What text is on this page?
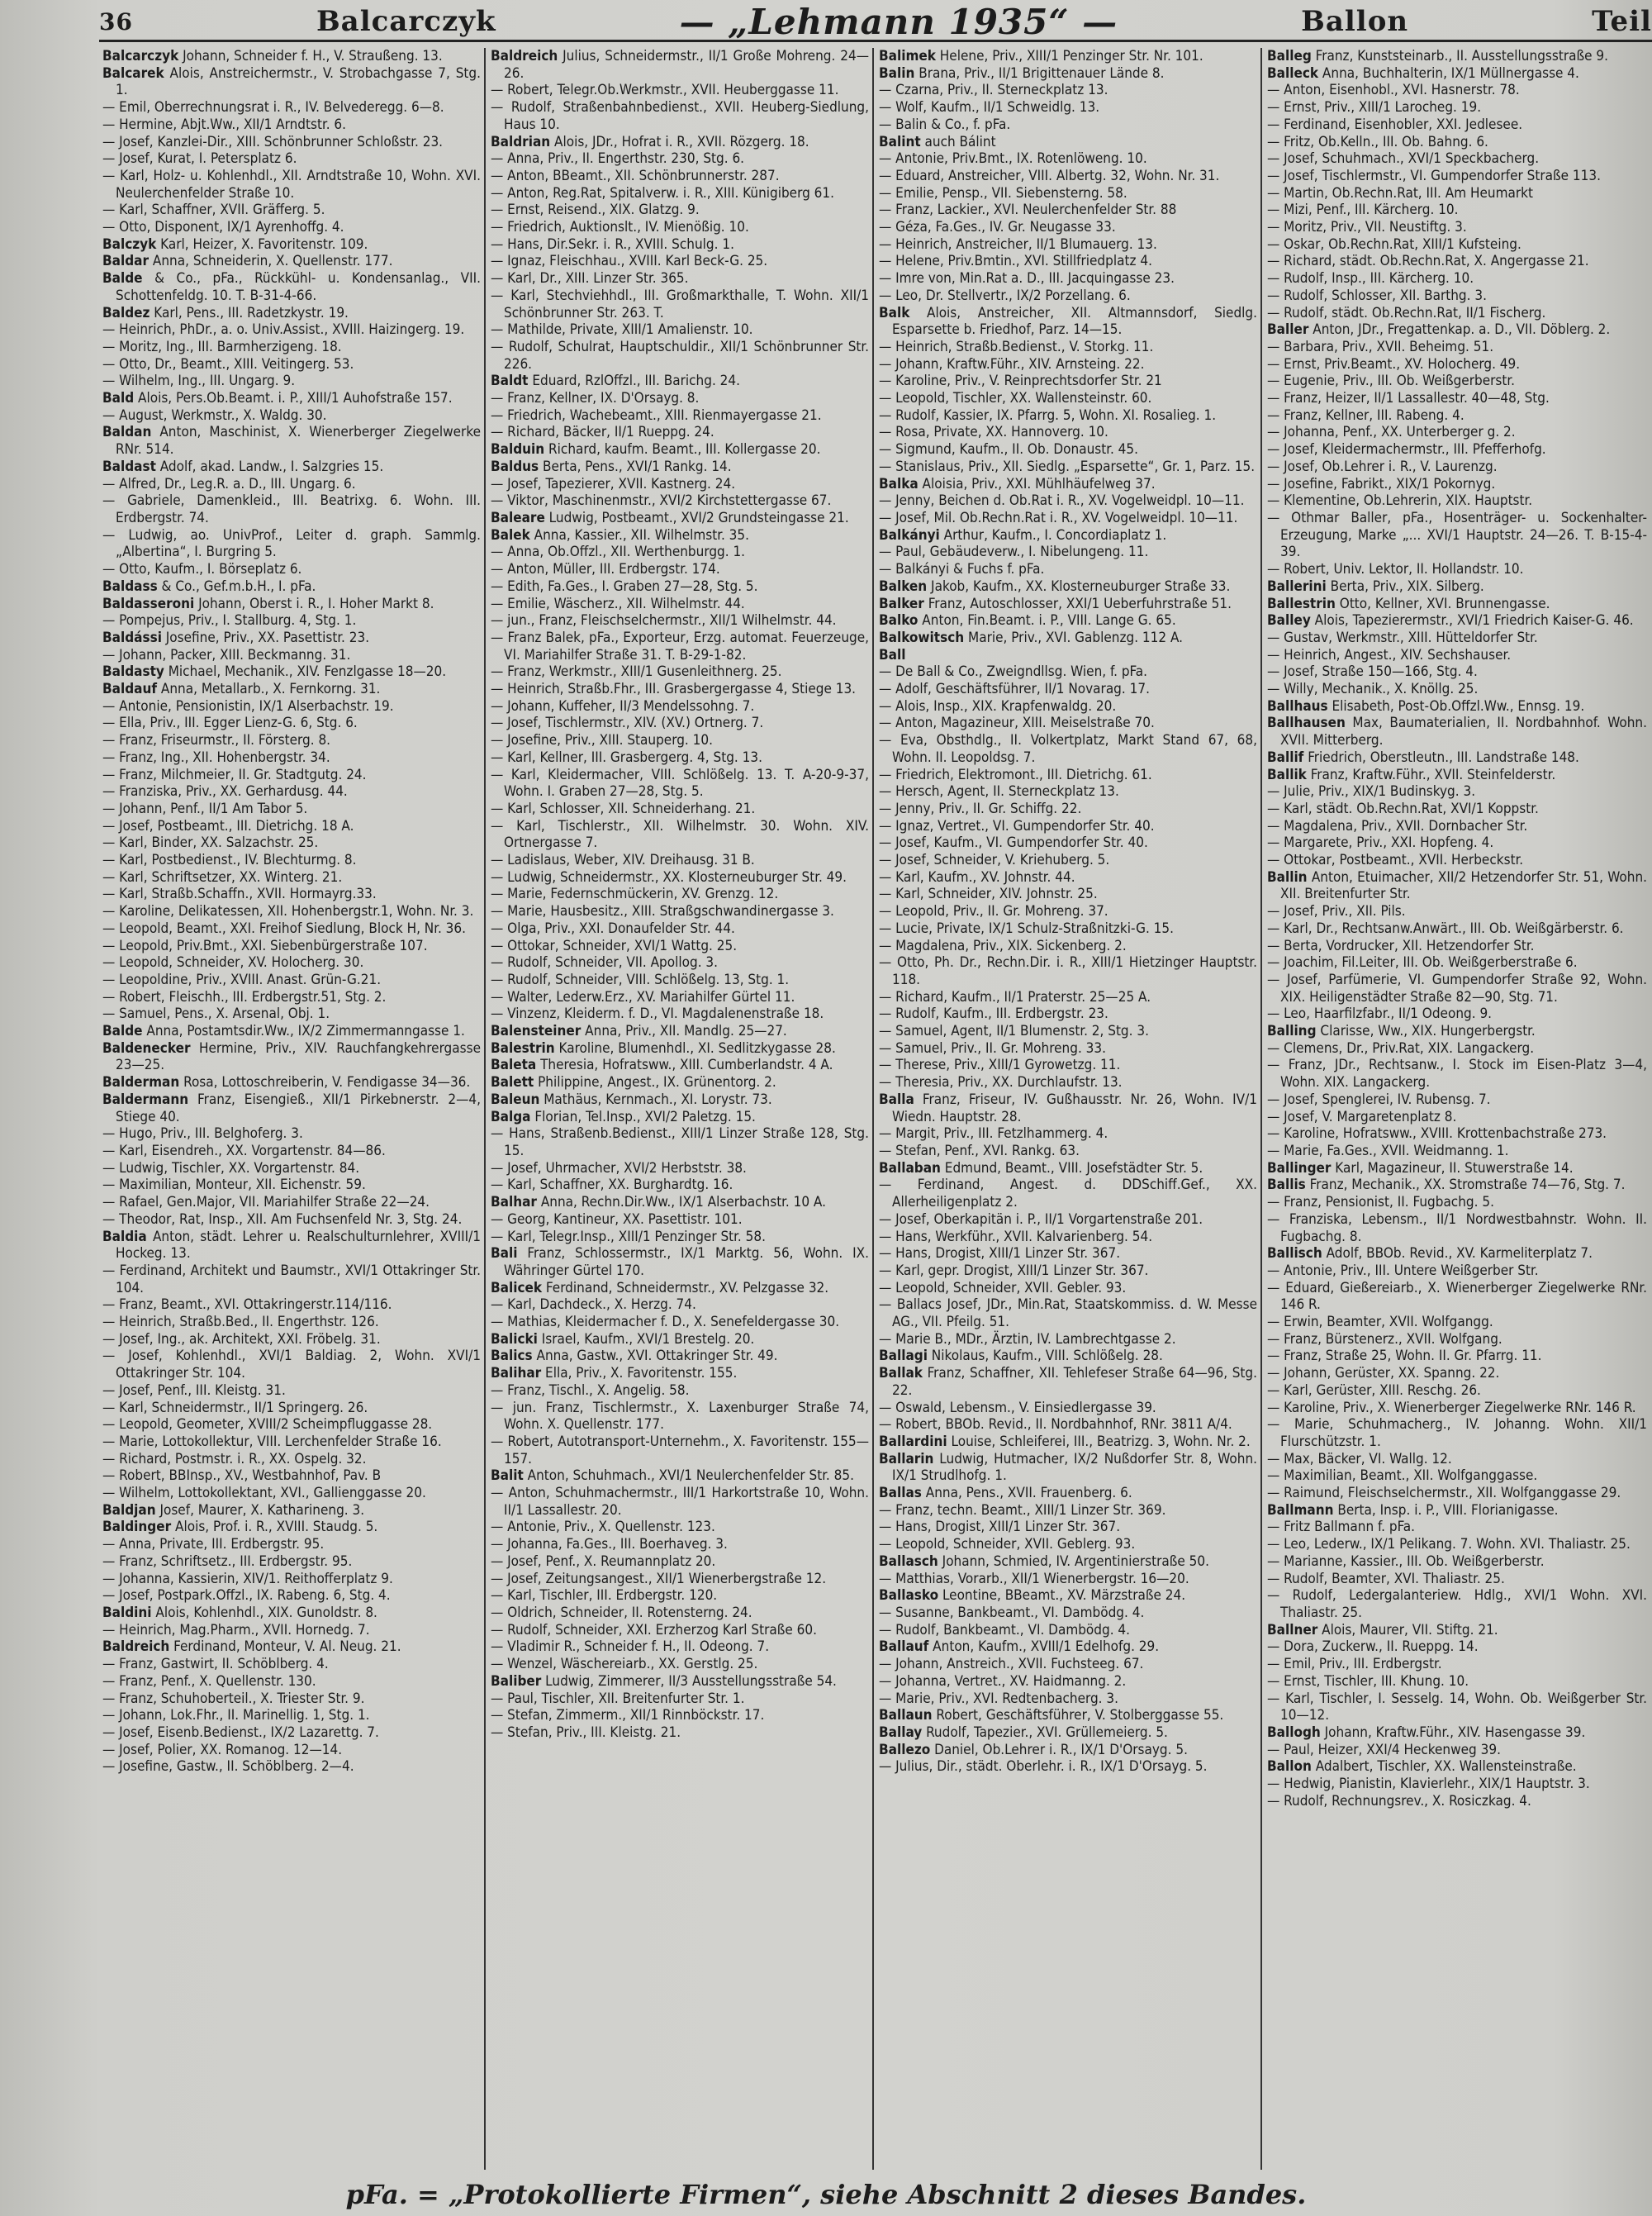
36	Balcarczyk	— „Lehmann 1935“ —	Ballon	Teil
Balcarczyk Johann, Schneider f. H., V. Straußeng. 13.
Balcarek Alois, Anstreichermstr., V. Strobachgasse 7, Stg. 1.
— Emil, Oberrechnungsrat i. R., IV. Belvederegg. 6—8.
— Hermine, Abjt.Ww., XII/1 Arndtstr. 6.
— Josef, Kanzlei-Dir., XIII. Schönbrunner Schloßstr. 23.
— Josef, Kurat, I. Petersplatz 6.
— Karl, Holz- u. Kohlenhdl., XII. Arndtstraße 10, Wohn. XVI. Neulerchenfelder Straße 10.
— Karl, Schaffner, XVII. Gräfferg. 5.
— Otto, Disponent, IX/1 Ayrenhoffg. 4.
Balczyk Karl, Heizer, X. Favoritenstr. 109.
Baldar Anna, Schneiderin, X. Quellenstr. 177.
Balde & Co., pFa., Rückkühl- u. Kondensanlag., VII. Schottenfeldg. 10. T. B-31-4-66.
Baldez Karl, Pens., III. Radetzkystr. 19.
— Heinrich, PhDr., a. o. Univ.Assist., XVIII. Haizingerg. 19.
— Moritz, Ing., III. Barmherzigeng. 18.
— Otto, Dr., Beamt., XIII. Veitingerg. 53.
— Wilhelm, Ing., III. Ungarg. 9.
Bald Alois, Pers.Ob.Beamt. i. P., XIII/1 Auhofstraße 157.
— August, Werkmstr., X. Waldg. 30.
Baldan Anton, Maschinist, X. Wienerberger Ziegelwerke RNr. 514.
Baldast Adolf, akad. Landw., I. Salzgries 15.
— Alfred, Dr., Leg.R. a. D., III. Ungarg. 6.
— Gabriele, Damenkleid., III. Beatrixg. 6. Wohn. III. Erdbergstr. 74.
— Ludwig, ao. UnivProf., Leiter d. graph. Sammlg. „Albertina“, I. Burgring 5.
— Otto, Kaufm., I. Börseplatz 6.
Baldass & Co., Gef.m.b.H., I. pFa.
Baldasseroni Johann, Oberst i. R., I. Hoher Markt 8.
— Pompejus, Priv., I. Stallburg. 4, Stg. 1.
Baldássi Josefine, Priv., XX. Pasettistr. 23.
— Johann, Packer, XIII. Beckmanng. 31.
Baldasty Michael, Mechanik., XIV. Fenzlgasse 18—20.
Baldauf Anna, Metallarb., X. Fernkorng. 31.
— Antonie, Pensionistin, IX/1 Alserbachstr. 19.
— Ella, Priv., III. Egger Lienz-G. 6, Stg. 6.
— Franz, Friseurmstr., II. Försterg. 8.
— Franz, Ing., XII. Hohenbergstr. 34.
— Franz, Milchmeier, II. Gr. Stadtgutg. 24.
— Franziska, Priv., XX. Gerhardusg. 44.
— Johann, Penf., II/1 Am Tabor 5.
— Josef, Postbeamt., III. Dietrichg. 18 A.
— Karl, Binder, XX. Salzachstr. 25.
— Karl, Postbedienst., IV. Blechturmg. 8.
— Karl, Schriftsetzer, XX. Winterg. 21.
— Karl, Straßb.Schaffn., XVII. Hormayrg.33.
— Karoline, Delikatessen, XII. Hohenbergstr.1, Wohn. Nr. 3.
— Leopold, Beamt., XXI. Freihof Siedlung, Block H, Nr. 36.
— Leopold, Priv.Bmt., XXI. Siebenbürgerstraße 107.
— Leopold, Schneider, XV. Holocherg. 30.
— Leopoldine, Priv., XVIII. Anast. Grün-G.21.
— Robert, Fleischh., III. Erdbergstr.51, Stg. 2.
— Samuel, Pens., X. Arsenal, Obj. 1.
Balde Anna, Postamtsdir.Ww., IX/2 Zimmermanngasse 1.
Baldenecker Hermine, Priv., XIV. Rauchfangkehrergasse 23—25.
Balderman Rosa, Lottoschreiberin, V. Fendigasse 34—36.
Baldermann Franz, Eisengieß., XII/1 Pirkebnerstr. 2—4, Stiege 40.
— Hugo, Priv., III. Belghoferg. 3.
— Karl, Eisendreh., XX. Vorgartenstr. 84—86.
— Ludwig, Tischler, XX. Vorgartenstr. 84.
— Maximilian, Monteur, XII. Eichenstr. 59.
— Rafael, Gen.Major, VII. Mariahilfer Straße 22—24.
— Theodor, Rat, Insp., XII. Am Fuchsenfeld Nr. 3, Stg. 24.
Baldia Anton, städt. Lehrer u. Realschulturnlehrer, XVIII/1 Hockeg. 13.
— Ferdinand, Architekt und Baumstr., XVI/1 Ottakringer Str. 104.
— Franz, Beamt., XVI. Ottakringerstr.114/116.
— Heinrich, Straßb.Bed., II. Engerthstr. 126.
— Josef, Ing., ak. Architekt, XXI. Fröbelg. 31.
— Josef, Kohlenhdl., XVI/1 Baldiag. 2, Wohn. XVI/1 Ottakringer Str. 104.
— Josef, Penf., III. Kleistg. 31.
— Karl, Schneidermstr., II/1 Springerg. 26.
— Leopold, Geometer, XVIII/2 Scheimpfluggasse 28.
— Marie, Lottokollektur, VIII. Lerchenfelder Straße 16.
— Richard, Postmstr. i. R., XX. Ospelg. 32.
— Robert, BBInsp., XV., Westbahnhof, Pav. B
— Wilhelm, Lottokollektant, XVI., Gallienggasse 20.
Baldjan Josef, Maurer, X. Katharineng. 3.
Baldinger Alois, Prof. i. R., XVIII. Staudg. 5.
— Anna, Private, III. Erdbergstr. 95.
— Franz, Schriftsetz., III. Erdbergstr. 95.
— Johanna, Kassierin, XIV/1. Reithofferplatz 9.
— Josef, Postpark.Offzl., IX. Rabeng. 6, Stg. 4.
Baldini Alois, Kohlenhdl., XIX. Gunoldstr. 8.
— Heinrich, Mag.Pharm., XVII. Hornedg. 7.
Baldreich Ferdinand, Monteur, V. Al. Neug. 21.
— Franz, Gastwirt, II. Schöblberg. 4.
— Franz, Penf., X. Quellenstr. 130.
— Franz, Schuhoberteil., X. Triester Str. 9.
— Johann, Lok.Fhr., II. Marinellig. 1, Stg. 1.
— Josef, Eisenb.Bedienst., IX/2 Lazarettg. 7.
— Josef, Polier, XX. Romanog. 12—14.
— Josefine, Gastw., II. Schöblberg. 2—4.
Baldreich Julius, Schneidermstr., II/1 Große Mohreng. 24—26.
— Robert, Telegr.Ob.Werkmstr., XVII. Heuberggasse 11.
— Rudolf, Straßenbahnbedienst., XVII. Heuberg-Siedlung, Haus 10.
Baldrian Alois, JDr., Hofrat i. R., XVII. Rözgerg. 18.
— Anna, Priv., II. Engerthstr. 230, Stg. 6.
— Anton, BBeamt., XII. Schönbrunnerstr. 287.
— Anton, Reg.Rat, Spitalverw. i. R., XIII. Künigiberg 61.
— Ernst, Reisend., XIX. Glatzg. 9.
— Friedrich, Auktionslt., IV. Mienößig. 10.
— Hans, Dir.Sekr. i. R., XVIII. Schulg. 1.
— Ignaz, Fleischhau., XVIII. Karl Beck-G. 25.
— Karl, Dr., XIII. Linzer Str. 365.
— Karl, Stechviehhdl., III. Großmarkthalle, T. Wohn. XII/1 Schönbrunner Str. 263. T.
— Mathilde, Private, XIII/1 Amalienstr. 10.
— Rudolf, Schulrat, Hauptschuldir., XII/1 Schönbrunner Str. 226.
Baldt Eduard, RzlOffzl., III. Barichg. 24.
— Franz, Kellner, IX. D'Orsayg. 8.
— Friedrich, Wachebeamt., XIII. Rienmayergasse 21.
— Richard, Bäcker, II/1 Rueppg. 24.
Balduin Richard, kaufm. Beamt., III. Kollergasse 20.
Baldus Berta, Pens., XVI/1 Rankg. 14.
— Josef, Tapezierer, XVII. Kastnerg. 24.
— Viktor, Maschinenmstr., XVI/2 Kirchstettergasse 67.
Baleare Ludwig, Postbeamt., XVI/2 Grundsteingasse 21.
Balek Anna, Kassier., XII. Wilhelmstr. 35.
— Anna, Ob.Offzl., XII. Werthenburgg. 1.
— Anton, Müller, III. Erdbergstr. 174.
— Edith, Fa.Ges., I. Graben 27—28, Stg. 5.
— Emilie, Wäscherz., XII. Wilhelmstr. 44.
— jun., Franz, Fleischselchermstr., XII/1 Wilhelmstr. 44.
— Franz Balek, pFa., Exporteur, Erzg. automat. Feuerzeuge, VI. Mariahilfer Straße 31. T. B-29-1-82.
— Franz, Werkmstr., XIII/1 Gusenleithnerg. 25.
— Heinrich, Straßb.Fhr., III. Grasbergergasse 4, Stiege 13.
— Johann, Kuffeher, II/3 Mendelssohng. 7.
— Josef, Tischlermstr., XIV. (XV.) Ortnerg. 7.
— Josefine, Priv., XIII. Stauperg. 10.
— Karl, Kellner, III. Grasbergerg. 4, Stg. 13.
— Karl, Kleidermacher, VIII. Schlößelg. 13. T. A-20-9-37, Wohn. I. Graben 27—28, Stg. 5.
— Karl, Schlosser, XII. Schneiderhang. 21.
— Karl, Tischlerstr., XII. Wilhelmstr. 30. Wohn. XIV. Ortnergasse 7.
— Ladislaus, Weber, XIV. Dreihausg. 31 B.
— Ludwig, Schneidermstr., XX. Klosterneuburger Str. 49.
— Marie, Federnschmückerin, XV. Grenzg. 12.
— Marie, Hausbesitz., XIII. Straßgschwandinergasse 3.
— Olga, Priv., XXI. Donaufelder Str. 44.
— Ottokar, Schneider, XVI/1 Wattg. 25.
— Rudolf, Schneider, VII. Apollog. 3.
— Rudolf, Schneider, VIII. Schlößelg. 13, Stg. 1.
— Walter, Lederw.Erz., XV. Mariahilfer Gürtel 11.
— Vinzenz, Kleiderm. f. D., VI. Magdalenenstraße 18.
Balensteiner Anna, Priv., XII. Mandlg. 25—27.
Balestrin Karoline, Blumenhdl., XI. Sedlitzkygasse 28.
Baleta Theresia, Hofratsww., XIII. Cumberlandstr. 4 A.
Balett Philippine, Angest., IX. Grünentorg. 2.
Baleun Mathäus, Kernmach., XI. Lorystr. 73.
Balga Florian, Tel.Insp., XVI/2 Paletzg. 15.
— Hans, Straßenb.Bedienst., XIII/1 Linzer Straße 128, Stg. 15.
— Josef, Uhrmacher, XVI/2 Herbststr. 38.
— Karl, Schaffner, XX. Burghardtg. 16.
Balhar Anna, Rechn.Dir.Ww., IX/1 Alserbachstr. 10 A.
— Georg, Kantineur, XX. Pasettistr. 101.
— Karl, Telegr.Insp., XIII/1 Penzinger Str. 58.
Bali Franz, Schlossermstr., IX/1 Marktg. 56, Wohn. IX. Währinger Gürtel 170.
Balicek Ferdinand, Schneidermstr., XV. Pelzgasse 32.
— Karl, Dachdeck., X. Herzg. 74.
— Mathias, Kleidermacher f. D., X. Senefeldergasse 30.
Balicki Israel, Kaufm., XVI/1 Brestelg. 20.
Balics Anna, Gastw., XVI. Ottakringer Str. 49.
Balihar Ella, Priv., X. Favoritenstr. 155.
— Franz, Tischl., X. Angelig. 58.
— jun. Franz, Tischlermstr., X. Laxenburger Straße 74, Wohn. X. Quellenstr. 177.
— Robert, Autotransport-Unternehm., X. Favoritenstr. 155—157.
Balit Anton, Schuhmach., XVI/1 Neulerchenfelder Str. 85.
— Anton, Schuhmachermstr., III/1 Harkortstraße 10, Wohn. II/1 Lassallestr. 20.
— Antonie, Priv., X. Quellenstr. 123.
— Johanna, Fa.Ges., III. Boerhaveg. 3.
— Josef, Penf., X. Reumannplatz 20.
— Josef, Zeitungsangest., XII/1 Wienerbergstraße 12.
— Karl, Tischler, III. Erdbergstr. 120.
— Oldrich, Schneider, II. Rotensterng. 24.
— Rudolf, Schneider, XXI. Erzherzog Karl Straße 60.
— Vladimir R., Schneider f. H., II. Odeong. 7.
— Wenzel, Wäschereiarb., XX. Gerstlg. 25.
Baliber Ludwig, Zimmerer, II/3 Ausstellungsstraße 54.
— Paul, Tischler, XII. Breitenfurter Str. 1.
— Stefan, Zimmerm., XII/1 Rinnböckstr. 17.
— Stefan, Priv., III. Kleistg. 21.
Balimek Helene, Priv., XIII/1 Penzinger Str. Nr. 101.
Balin Brana, Priv., II/1 Brigittenauer Lände 8.
— Czarna, Priv., II. Sterneckplatz 13.
— Wolf, Kaufm., II/1 Schweidlg. 13.
— Balin & Co., f. pFa.
Balint auch Bálint
— Antonie, Priv.Bmt., IX. Rotenlöweng. 10.
— Eduard, Anstreicher, VIII. Albertg. 32, Wohn. Nr. 31.
— Emilie, Pensp., VII. Siebensterng. 58.
— Franz, Lackier., XVI. Neulerchenfelder Str. 88
— Géza, Fa.Ges., IV. Gr. Neugasse 33.
— Heinrich, Anstreicher, II/1 Blumauerg. 13.
— Helene, Priv.Bmtin., XVI. Stillfriedplatz 4.
— Imre von, Min.Rat a. D., III. Jacquingasse 23.
— Leo, Dr. Stellvertr., IX/2 Porzellang. 6.
Balk Alois, Anstreicher, XII. Altmannsdorf, Siedlg. Esparsette b. Friedhof, Parz. 14—15.
— Heinrich, Straßb.Bedienst., V. Storkg. 11.
— Johann, Kraftw.Führ., XIV. Arnsteing. 22.
— Karoline, Priv., V. Reinprechtsdorfer Str. 21
— Leopold, Tischler, XX. Wallensteinstr. 60.
— Rudolf, Kassier, IX. Pfarrg. 5, Wohn. XI. Rosalieg. 1.
— Rosa, Private, XX. Hannoverg. 10.
— Sigmund, Kaufm., II. Ob. Donaustr. 45.
— Stanislaus, Priv., XII. Siedlg. „Esparsette“, Gr. 1, Parz. 15.
Balka Aloisia, Priv., XXI. Mühlhäufelweg 37.
— Jenny, Beichen d. Ob.Rat i. R., XV. Vogelweidpl. 10—11.
— Josef, Mil. Ob.Rechn.Rat i. R., XV. Vogelweidpl. 10—11.
Balkányi Arthur, Kaufm., I. Concordiaplatz 1.
— Paul, Gebäudeverw., I. Nibelungeng. 11.
— Balkányi & Fuchs f. pFa.
Balken Jakob, Kaufm., XX. Klosterneuburger Straße 33.
Balker Franz, Autoschlosser, XXI/1 Ueberfuhrstraße 51.
Balko Anton, Fin.Beamt. i. P., VIII. Lange G. 65.
Balkowitsch Marie, Priv., XVI. Gablenzg. 112 A.
Ball
— De Ball & Co., Zweigndllsg. Wien, f. pFa.
— Adolf, Geschäftsführer, II/1 Novarag. 17.
— Alois, Insp., XIX. Krapfenwaldg. 20.
— Anton, Magazineur, XIII. Meiselstraße 70.
— Eva, Obsthdlg., II. Volkertplatz, Markt Stand 67, 68, Wohn. II. Leopoldsg. 7.
— Friedrich, Elektromont., III. Dietrichg. 61.
— Hersch, Agent, II. Sterneckplatz 13.
— Jenny, Priv., II. Gr. Schiffg. 22.
— Ignaz, Vertret., VI. Gumpendorfer Str. 40.
— Josef, Kaufm., VI. Gumpendorfer Str. 40.
— Josef, Schneider, V. Kriehuberg. 5.
— Karl, Kaufm., XV. Johnstr. 44.
— Karl, Schneider, XIV. Johnstr. 25.
— Leopold, Priv., II. Gr. Mohreng. 37.
— Lucie, Private, IX/1 Schulz-Straßnitzki-G. 15.
— Magdalena, Priv., XIX. Sickenberg. 2.
— Otto, Ph. Dr., Rechn.Dir. i. R., XIII/1 Hietzinger Hauptstr. 118.
— Richard, Kaufm., II/1 Praterstr. 25—25 A.
— Rudolf, Kaufm., III. Erdbergstr. 23.
— Samuel, Agent, II/1 Blumenstr. 2, Stg. 3.
— Samuel, Priv., II. Gr. Mohreng. 33.
— Therese, Priv., XIII/1 Gyrowetzg. 11.
— Theresia, Priv., XX. Durchlaufstr. 13.
Balla Franz, Friseur, IV. Gußhausstr. Nr. 26, Wohn. IV/1 Wiedn. Hauptstr. 28.
— Margit, Priv., III. Fetzlhammerg. 4.
— Stefan, Penf., XVI. Rankg. 63.
Ballaban Edmund, Beamt., VIII. Josefstädter Str. 5.
— Ferdinand, Angest. d. DDSchiff.Gef., XX. Allerheiligenplatz 2.
— Josef, Oberkapitän i. P., II/1 Vorgartenstraße 201.
— Hans, Werkführ., XVII. Kalvarienberg. 54.
— Hans, Drogist, XIII/1 Linzer Str. 367.
— Karl, gepr. Drogist, XIII/1 Linzer Str. 367.
— Leopold, Schneider, XVII. Gebler. 93.
— Ballacs Josef, JDr., Min.Rat, Staatskommiss. d. W. Messe AG., VII. Pfeilg. 51.
— Marie B., MDr., Ärztin, IV. Lambrechtgasse 2.
Ballagi Nikolaus, Kaufm., VIII. Schlößelg. 28.
Ballak Franz, Schaffner, XII. Tehlefeser Straße 64—96, Stg. 22.
— Oswald, Lebensm., V. Einsiedlergasse 39.
— Robert, BBOb. Revid., II. Nordbahnhof, RNr. 3811 A/4.
Ballardini Louise, Schleiferei, III., Beatrizg. 3, Wohn. Nr. 2.
Ballarin Ludwig, Hutmacher, IX/2 Nußdorfer Str. 8, Wohn. IX/1 Strudlhofg. 1.
Ballas Anna, Pens., XVII. Frauenberg. 6.
— Franz, techn. Beamt., XIII/1 Linzer Str. 369.
— Hans, Drogist, XIII/1 Linzer Str. 367.
— Leopold, Schneider, XVII. Geblerg. 93.
Ballasch Johann, Schmied, IV. Argentinierstraße 50.
— Matthias, Vorarb., XII/1 Wienerbergstr. 16—20.
Ballasko Leontine, BBeamt., XV. Märzstraße 24.
— Susanne, Bankbeamt., VI. Dambödg. 4.
— Rudolf, Bankbeamt., VI. Dambödg. 4.
Ballauf Anton, Kaufm., XVIII/1 Edelhofg. 29.
— Johann, Anstreich., XVII. Fuchsteeg. 67.
— Johanna, Vertret., XV. Haidmanng. 2.
— Marie, Priv., XVI. Redtenbacherg. 3.
Ballaun Robert, Geschäftsführer, V. Stolberggasse 55.
Ballay Rudolf, Tapezier., XVI. Grüllemeierg. 5.
Ballezo Daniel, Ob.Lehrer i. R., IX/1 D'Orsayg. 5.
— Julius, Dir., städt. Oberlehr. i. R., IX/1 D'Orsayg. 5.
Balleg Franz, Kunststeinarb., II. Ausstellungsstraße 9.
Balleck Anna, Buchhalterin, IX/1 Müllnergasse 4.
— Anton, Eisenhobl., XVI. Hasnerstr. 78.
— Ernst, Priv., XIII/1 Larocheg. 19.
— Ferdinand, Eisenhobler, XXI. Jedlesee.
— Fritz, Ob.Kelln., III. Ob. Bahng. 6.
— Josef, Schuhmach., XVI/1 Speckbacherg.
— Josef, Tischlermstr., VI. Gumpendorfer Straße 113.
— Martin, Ob.Rechn.Rat, III. Am Heumarkt
— Mizi, Penf., III. Kärcherg. 10.
— Moritz, Priv., VII. Neustiftg. 3.
— Oskar, Ob.Rechn.Rat, XIII/1 Kufsteing.
— Richard, städt. Ob.Rechn.Rat, X. Angergasse 21.
— Rudolf, Insp., III. Kärcherg. 10.
— Rudolf, Schlosser, XII. Barthg. 3.
— Rudolf, städt. Ob.Rechn.Rat, II/1 Fischerg.
Baller Anton, JDr., Fregattenkap. a. D., VII. Döblerg. 2.
— Barbara, Priv., XVII. Beheimg. 51.
— Ernst, Priv.Beamt., XV. Holocherg. 49.
— Eugenie, Priv., III. Ob. Weißgerberstr.
— Franz, Heizer, II/1 Lassallestr. 40—48, Stg.
— Franz, Kellner, III. Rabeng. 4.
— Johanna, Penf., XX. Unterberger g. 2.
— Josef, Kleidermachermstr., III. Pfefferhofg.
— Josef, Ob.Lehrer i. R., V. Laurenzg.
— Josefine, Fabrikt., XIX/1 Pokornyg.
— Klementine, Ob.Lehrerin, XIX. Hauptstr.
— Othmar Baller, pFa., Hosenträger- u. Sockenhalter-Erzeugung, Marke „... XVI/1 Hauptstr. 24—26. T. B-15-4-39.
— Robert, Univ. Lektor, II. Hollandstr. 10.
Ballerini Berta, Priv., XIX. Silberg.
Ballestrin Otto, Kellner, XVI. Brunnengasse.
Balley Alois, Tapezierermstr., XVI/1 Friedrich Kaiser-G. 46.
— Gustav, Werkmstr., XIII. Hütteldorfer Str.
— Heinrich, Angest., XIV. Sechshauser.
— Josef, Straße 150—166, Stg. 4.
— Willy, Mechanik., X. Knöllg. 25.
Ballhaus Elisabeth, Post-Ob.Offzl.Ww., Ennsg. 19.
Ballhausen Max, Baumaterialien, II. Nordbahnhof. Wohn. XVII. Mitterberg.
Ballif Friedrich, Oberstleutn., III. Landstraße 148.
Ballik Franz, Kraftw.Führ., XVII. Steinfelderstr.
— Julie, Priv., XIX/1 Budinskyg. 3.
— Karl, städt. Ob.Rechn.Rat, XVI/1 Koppstr.
— Magdalena, Priv., XVII. Dornbacher Str.
— Margarete, Priv., XXI. Hopfeng. 4.
— Ottokar, Postbeamt., XVII. Herbeckstr.
Ballin Anton, Etuimacher, XII/2 Hetzendorfer Str. 51, Wohn. XII. Breitenfurter Str.
— Josef, Priv., XII. Pils.
— Karl, Dr., Rechtsanw.Anwärt., III. Ob. Weißgärberstr. 6.
— Berta, Vordrucker, XII. Hetzendorfer Str.
— Joachim, Fil.Leiter, III. Ob. Weißgerberstraße 6.
— Josef, Parfümerie, VI. Gumpendorfer Straße 92, Wohn. XIX. Heiligenstädter Straße 82—90, Stg. 71.
— Leo, Haarfilzfabr., II/1 Odeong. 9.
Balling Clarisse, Ww., XIX. Hungerbergstr.
— Clemens, Dr., Priv.Rat, XIX. Langackerg.
— Franz, JDr., Rechtsanw., I. Stock im Eisen-Platz 3—4, Wohn. XIX. Langackerg.
— Josef, Spenglerei, IV. Rubensg. 7.
— Josef, V. Margaretenplatz 8.
— Karoline, Hofratsww., XVIII. Krottenbachstraße 273.
— Marie, Fa.Ges., XVII. Weidmanng. 1.
Ballinger Karl, Magazineur, II. Stuwerstraße 14.
Ballis Franz, Mechanik., XX. Stromstraße 74—76, Stg. 7.
— Franz, Pensionist, II. Fugbachg. 5.
— Franziska, Lebensm., II/1 Nordwestbahnstr. Wohn. II. Fugbachg. 8.
Ballisch Adolf, BBOb. Revid., XV. Karmeliterplatz 7.
— Antonie, Priv., III. Untere Weißgerber Str.
— Eduard, Gießereiarb., X. Wienerberger Ziegelwerke RNr. 146 R.
— Erwin, Beamter, XVII. Wolfgangg.
— Franz, Bürstenerz., XVII. Wolfgang.
— Franz, Straße 25, Wohn. II. Gr. Pfarrg. 11.
— Johann, Gerüster, XX. Spanng. 22.
— Karl, Gerüster, XIII. Reschg. 26.
— Karoline, Priv., X. Wienerberger Ziegelwerke RNr. 146 R.
— Marie, Schuhmacherg., IV. Johanng. Wohn. XII/1 Flurschützstr. 1.
— Max, Bäcker, VI. Wallg. 12.
— Maximilian, Beamt., XII. Wolfganggasse.
— Raimund, Fleischselchermstr., XII. Wolfganggasse 29.
Ballmann Berta, Insp. i. P., VIII. Florianigasse.
— Fritz Ballmann f. pFa.
— Leo, Lederw., IX/1 Pelikang. 7. Wohn. XVI. Thaliastr. 25.
— Marianne, Kassier., III. Ob. Weißgerberstr.
— Rudolf, Beamter, XVI. Thaliastr. 25.
— Rudolf, Ledergalanteriew. Hdlg., XVI/1 Wohn. XVI. Thaliastr. 25.
Ballner Alois, Maurer, VII. Stiftg. 21.
— Dora, Zuckerw., II. Rueppg. 14.
— Emil, Priv., III. Erdbergstr.
— Ernst, Tischler, III. Khung. 10.
— Karl, Tischler, I. Sesselg. 14, Wohn. Ob. Weißgerber Str. 10—12.
Ballogh Johann, Kraftw.Führ., XIV. Hasengasse 39.
— Paul, Heizer, XXI/4 Heckenweg 39.
Ballon Adalbert, Tischler, XX. Wallensteinstraße.
— Hedwig, Pianistin, Klavierlehr., XIX/1 Hauptstr. 3.
— Rudolf, Rechnungsrev., X. Rosiczkag. 4.
pFa. = „Protokollierte Firmen“, siehe Abschnitt 2 dieses Bandes.
